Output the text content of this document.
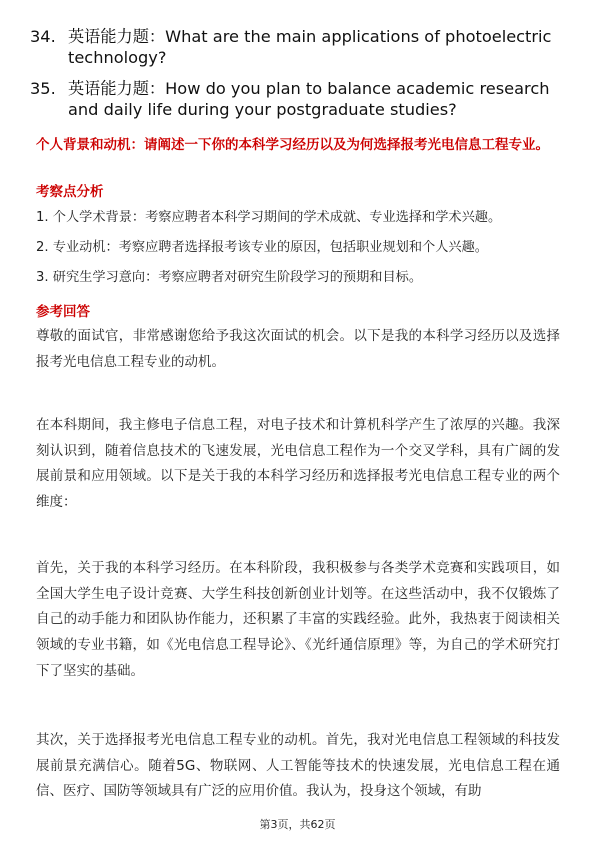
34. 英语能力题：What are the main applications of photoelectric technology?
35. 英语能力题：How do you plan to balance academic research and daily life during your postgraduate studies?
个人背景和动机：请阐述一下你的本科学习经历以及为何选择报考光电信息工程专业。
考察点分析
1. 个人学术背景：考察应聘者本科学习期间的学术成就、专业选择和学术兴趣。
2. 专业动机：考察应聘者选择报考该专业的原因，包括职业规划和个人兴趣。
3. 研究生学习意向：考察应聘者对研究生阶段学习的预期和目标。
参考回答
尊敬的面试官，非常感谢您给予我这次面试的机会。以下是我的本科学习经历以及选择报考光电信息工程专业的动机。
在本科期间，我主修电子信息工程，对电子技术和计算机科学产生了浓厚的兴趣。我深刻认识到，随着信息技术的飞速发展，光电信息工程作为一个交叉学科，具有广阔的发展前景和应用领域。以下是关于我的本科学习经历和选择报考光电信息工程专业的两个维度：
首先，关于我的本科学习经历。在本科阶段，我积极参与各类学术竞赛和实践项目，如全国大学生电子设计竞赛、大学生科技创新创业计划等。在这些活动中，我不仅锻炼了自己的动手能力和团队协作能力，还积累了丰富的实践经验。此外，我热衷于阅读相关领域的专业书籍，如《光电信息工程导论》、《光纤通信原理》等，为自己的学术研究打下了坚实的基础。
其次，关于选择报考光电信息工程专业的动机。首先，我对光电信息工程领域的科技发展前景充满信心。随着5G、物联网、人工智能等技术的快速发展，光电信息工程在通信、医疗、国防等领域具有广泛的应用价值。我认为，投身这个领域，有助
第3页，共62页
